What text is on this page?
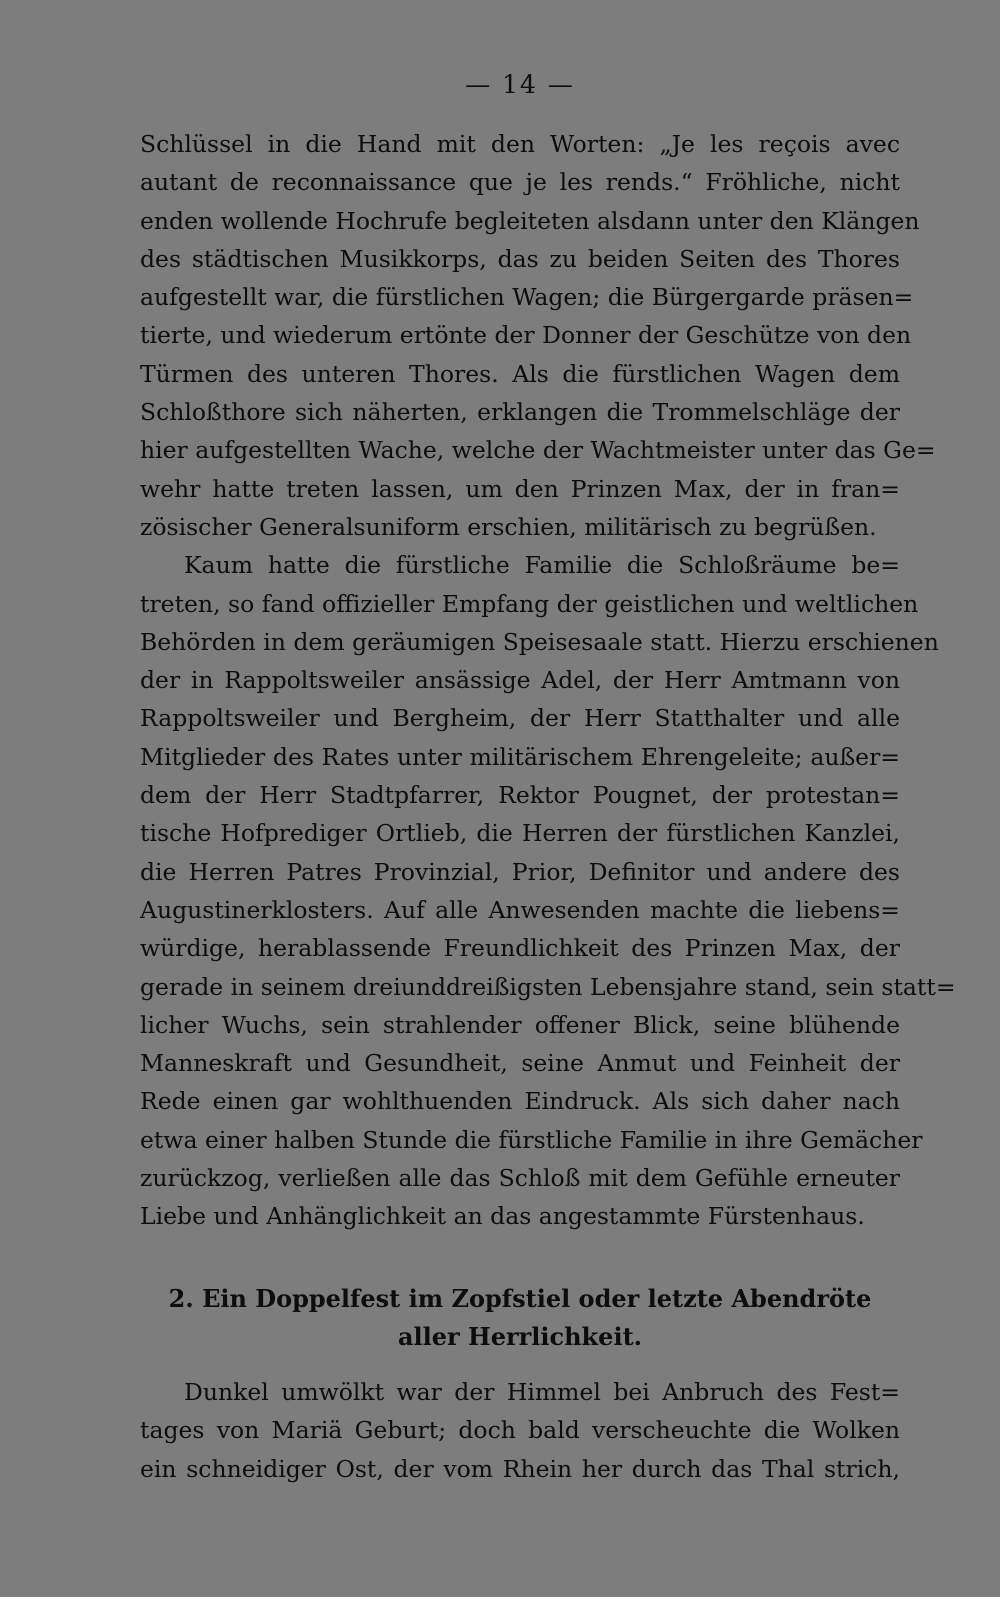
— 14 —
Schlüssel in die Hand mit den Worten: „Je les reçois avec
autant de reconnaissance que je les rends.“ Fröhliche, nicht
enden wollende Hochrufe begleiteten alsdann unter den Klängen
des städtischen Musikkorps, das zu beiden Seiten des Thores
aufgestellt war, die fürstlichen Wagen; die Bürgergarde präsen=
tierte, und wiederum ertönte der Donner der Geschütze von den
Türmen des unteren Thores. Als die fürstlichen Wagen dem
Schloßthore sich näherten, erklangen die Trommelschläge der
hier aufgestellten Wache, welche der Wachtmeister unter das Ge=
wehr hatte treten lassen, um den Prinzen Max, der in fran=
zösischer Generalsuniform erschien, militärisch zu begrüßen.
Kaum hatte die fürstliche Familie die Schloßräume be=
treten, so fand offizieller Empfang der geistlichen und weltlichen
Behörden in dem geräumigen Speisesaale statt. Hierzu erschienen
der in Rappoltsweiler ansässige Adel, der Herr Amtmann von
Rappoltsweiler und Bergheim, der Herr Statthalter und alle
Mitglieder des Rates unter militärischem Ehrengeleite; außer=
dem der Herr Stadtpfarrer, Rektor Pougnet, der protestan=
tische Hofprediger Ortlieb, die Herren der fürstlichen Kanzlei,
die Herren Patres Provinzial, Prior, Definitor und andere des
Augustinerklosters. Auf alle Anwesenden machte die liebens=
würdige, herablassende Freundlichkeit des Prinzen Max, der
gerade in seinem dreiunddreißigsten Lebensjahre stand, sein statt=
licher Wuchs, sein strahlender offener Blick, seine blühende
Manneskraft und Gesundheit, seine Anmut und Feinheit der
Rede einen gar wohlthuenden Eindruck. Als sich daher nach
etwa einer halben Stunde die fürstliche Familie in ihre Gemächer
zurückzog, verließen alle das Schloß mit dem Gefühle erneuter
Liebe und Anhänglichkeit an das angestammte Fürstenhaus.
2. Ein Doppelfest im Zopfstiel oder letzte Abendröte
aller Herrlichkeit.
Dunkel umwölkt war der Himmel bei Anbruch des Fest=
tages von Mariä Geburt; doch bald verscheuchte die Wolken
ein schneidiger Ost, der vom Rhein her durch das Thal strich,
